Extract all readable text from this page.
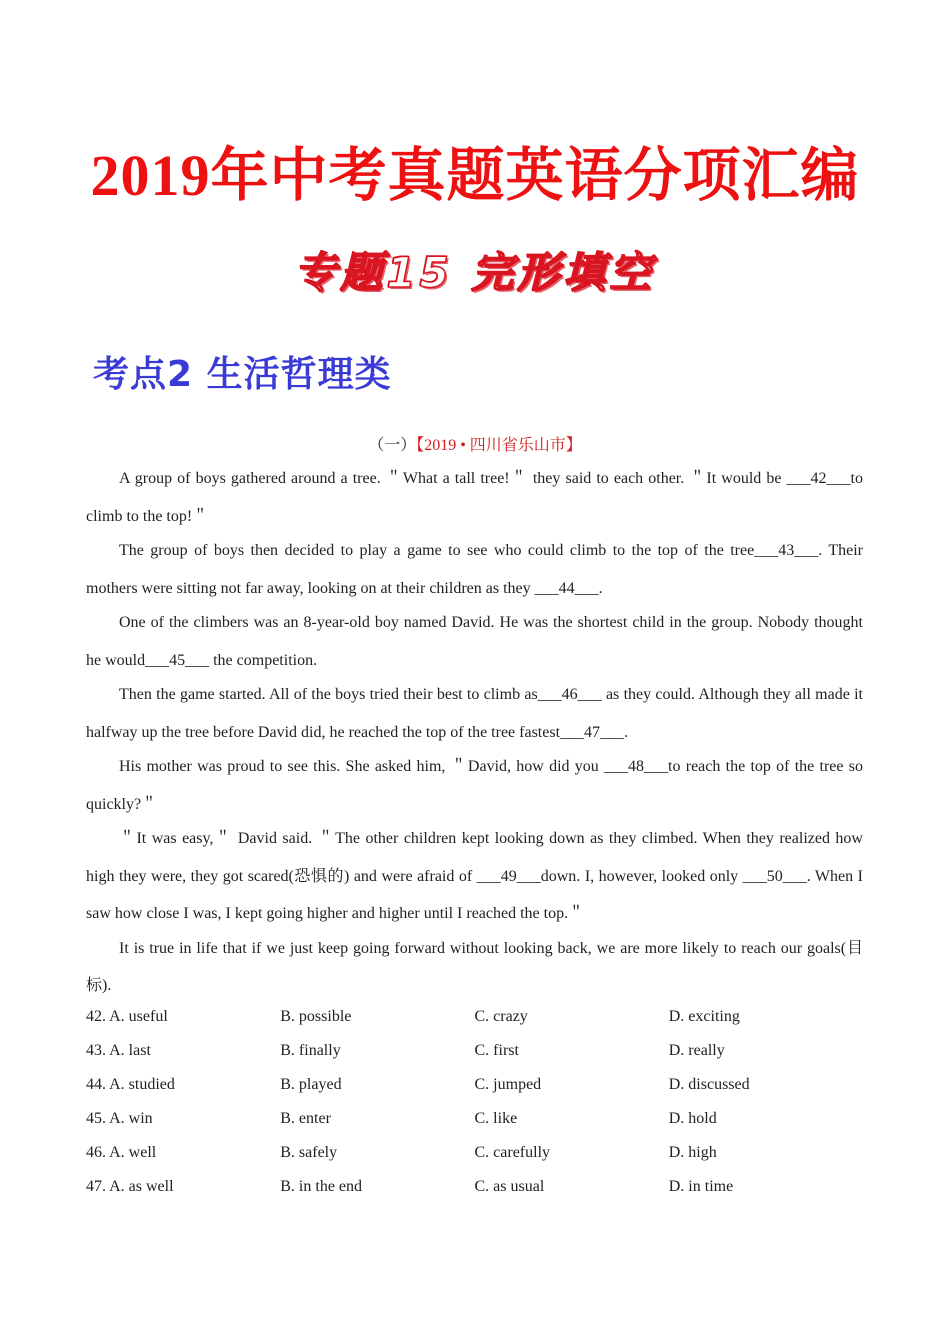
2019年中考真题英语分项汇编
专题15 完形填空
考点2 生活哲理类
（一）【2019 • 四川省乐山市】

A group of boys gathered around a tree. ＂What a tall tree!＂ they said to each other. ＂It would be ___42___to climb to the top!＂

The group of boys then decided to play a game to see who could climb to the top of the tree___43___. Their mothers were sitting not far away, looking on at their children as they ___44___.

One of the climbers was an 8-year-old boy named David. He was the shortest child in the group. Nobody thought he would___45___ the competition.

Then the game started. All of the boys tried their best to climb as___46___ as they could. Although they all made it halfway up the tree before David did, he reached the top of the tree fastest___47___.

His mother was proud to see this. She asked him, ＂David, how did you ___48___to reach the top of the tree so quickly?＂

＂It was easy,＂ David said. ＂The other children kept looking down as they climbed. When they realized how high they were, they got scared(恐惧的) and were afraid of ___49___down. I, however, looked only ___50___. When I saw how close I was, I kept going higher and higher until I reached the top.＂

It is true in life that if we just keep going forward without looking back, we are more likely to reach our goals(目标).

42. A. useful	B. possible	C. crazy	D. exciting
43. A. last	B. finally	C. first	D. really
44. A. studied	B. played	C. jumped	D. discussed
45. A. win	B. enter	C. like	D. hold
46. A. well	B. safely	C. carefully	D. high
47. A. as well	B. in the end	C. as usual	D. in time
